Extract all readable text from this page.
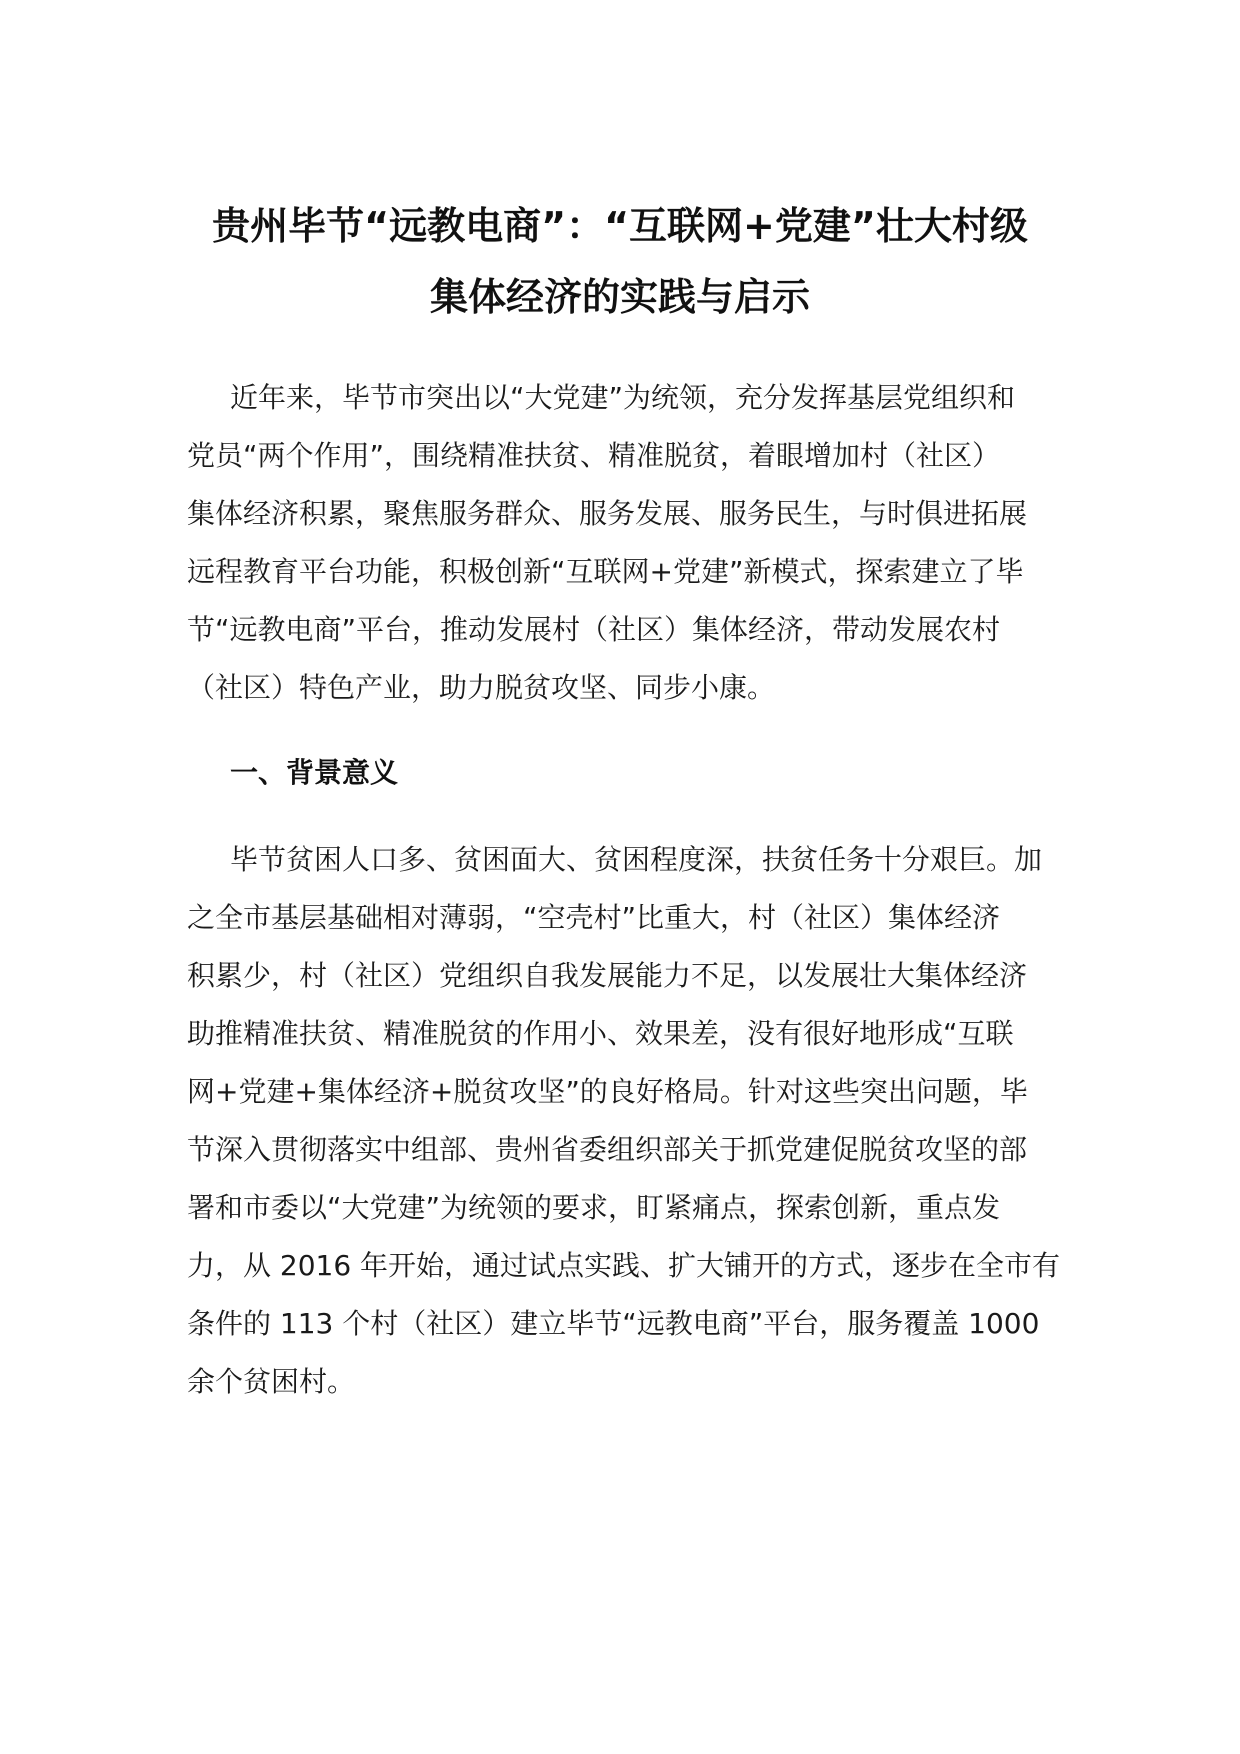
贵州毕节“远教电商”：“互联网+党建”壮大村级
集体经济的实践与启示
近年来，毕节市突出以“大党建”为统领，充分发挥基层党组织和
党员“两个作用”，围绕精准扶贫、精准脱贫，着眼增加村（社区）
集体经济积累，聚焦服务群众、服务发展、服务民生，与时俱进拓展
远程教育平台功能，积极创新“互联网+党建”新模式，探索建立了毕
节“远教电商”平台，推动发展村（社区）集体经济，带动发展农村
（社区）特色产业，助力脱贫攻坚、同步小康。
一、背景意义
毕节贫困人口多、贫困面大、贫困程度深，扶贫任务十分艰巨。加
之全市基层基础相对薄弱，“空壳村”比重大，村（社区）集体经济
积累少，村（社区）党组织自我发展能力不足，以发展壮大集体经济
助推精准扶贫、精准脱贫的作用小、效果差，没有很好地形成“互联
网+党建+集体经济+脱贫攻坚”的良好格局。针对这些突出问题，毕
节深入贯彻落实中组部、贵州省委组织部关于抓党建促脱贫攻坚的部
署和市委以“大党建”为统领的要求，盯紧痛点，探索创新，重点发
力，从 2016 年开始，通过试点实践、扩大铺开的方式，逐步在全市有
条件的 113 个村（社区）建立毕节“远教电商”平台，服务覆盖 1000
余个贫困村。
